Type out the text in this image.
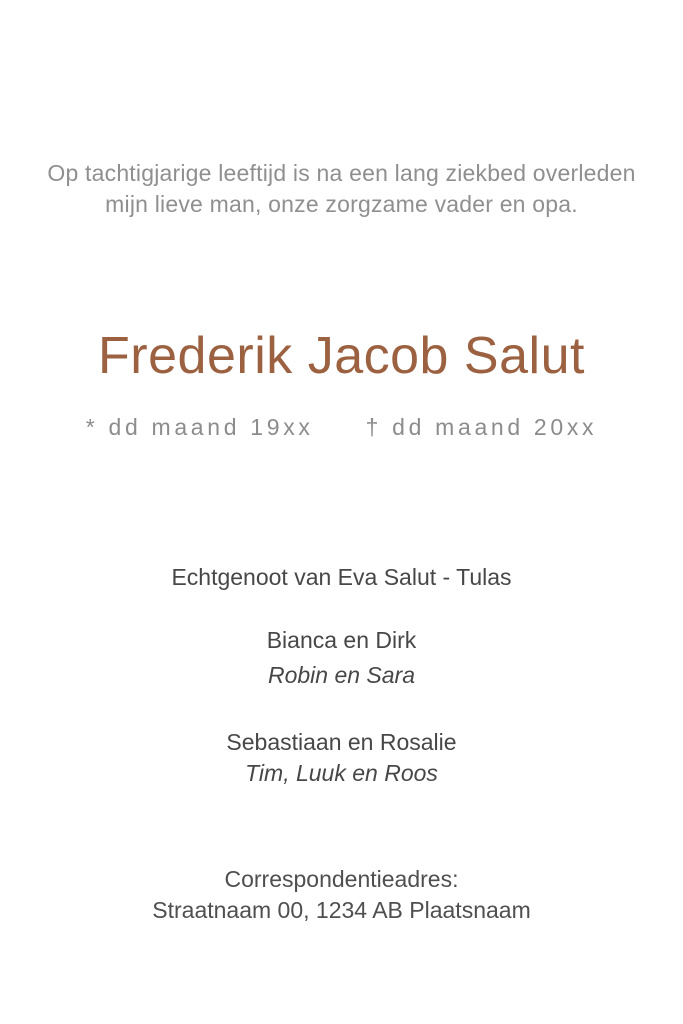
Op tachtigjarige leeftijd is na een lang ziekbed overleden
mijn lieve man, onze zorgzame vader en opa.

Frederik Jacob Salut
* dd maand 19xx † dd maand 20xx

Echtgenoot van Eva Salut - Tulas

Bianca en Dirk

Robin en Sara

Sebastiaan en Rosalie

Tim, Luuk en Roos

Correspondentieadres:
Straatnaam 00, 1234 AB Plaatsnaam
